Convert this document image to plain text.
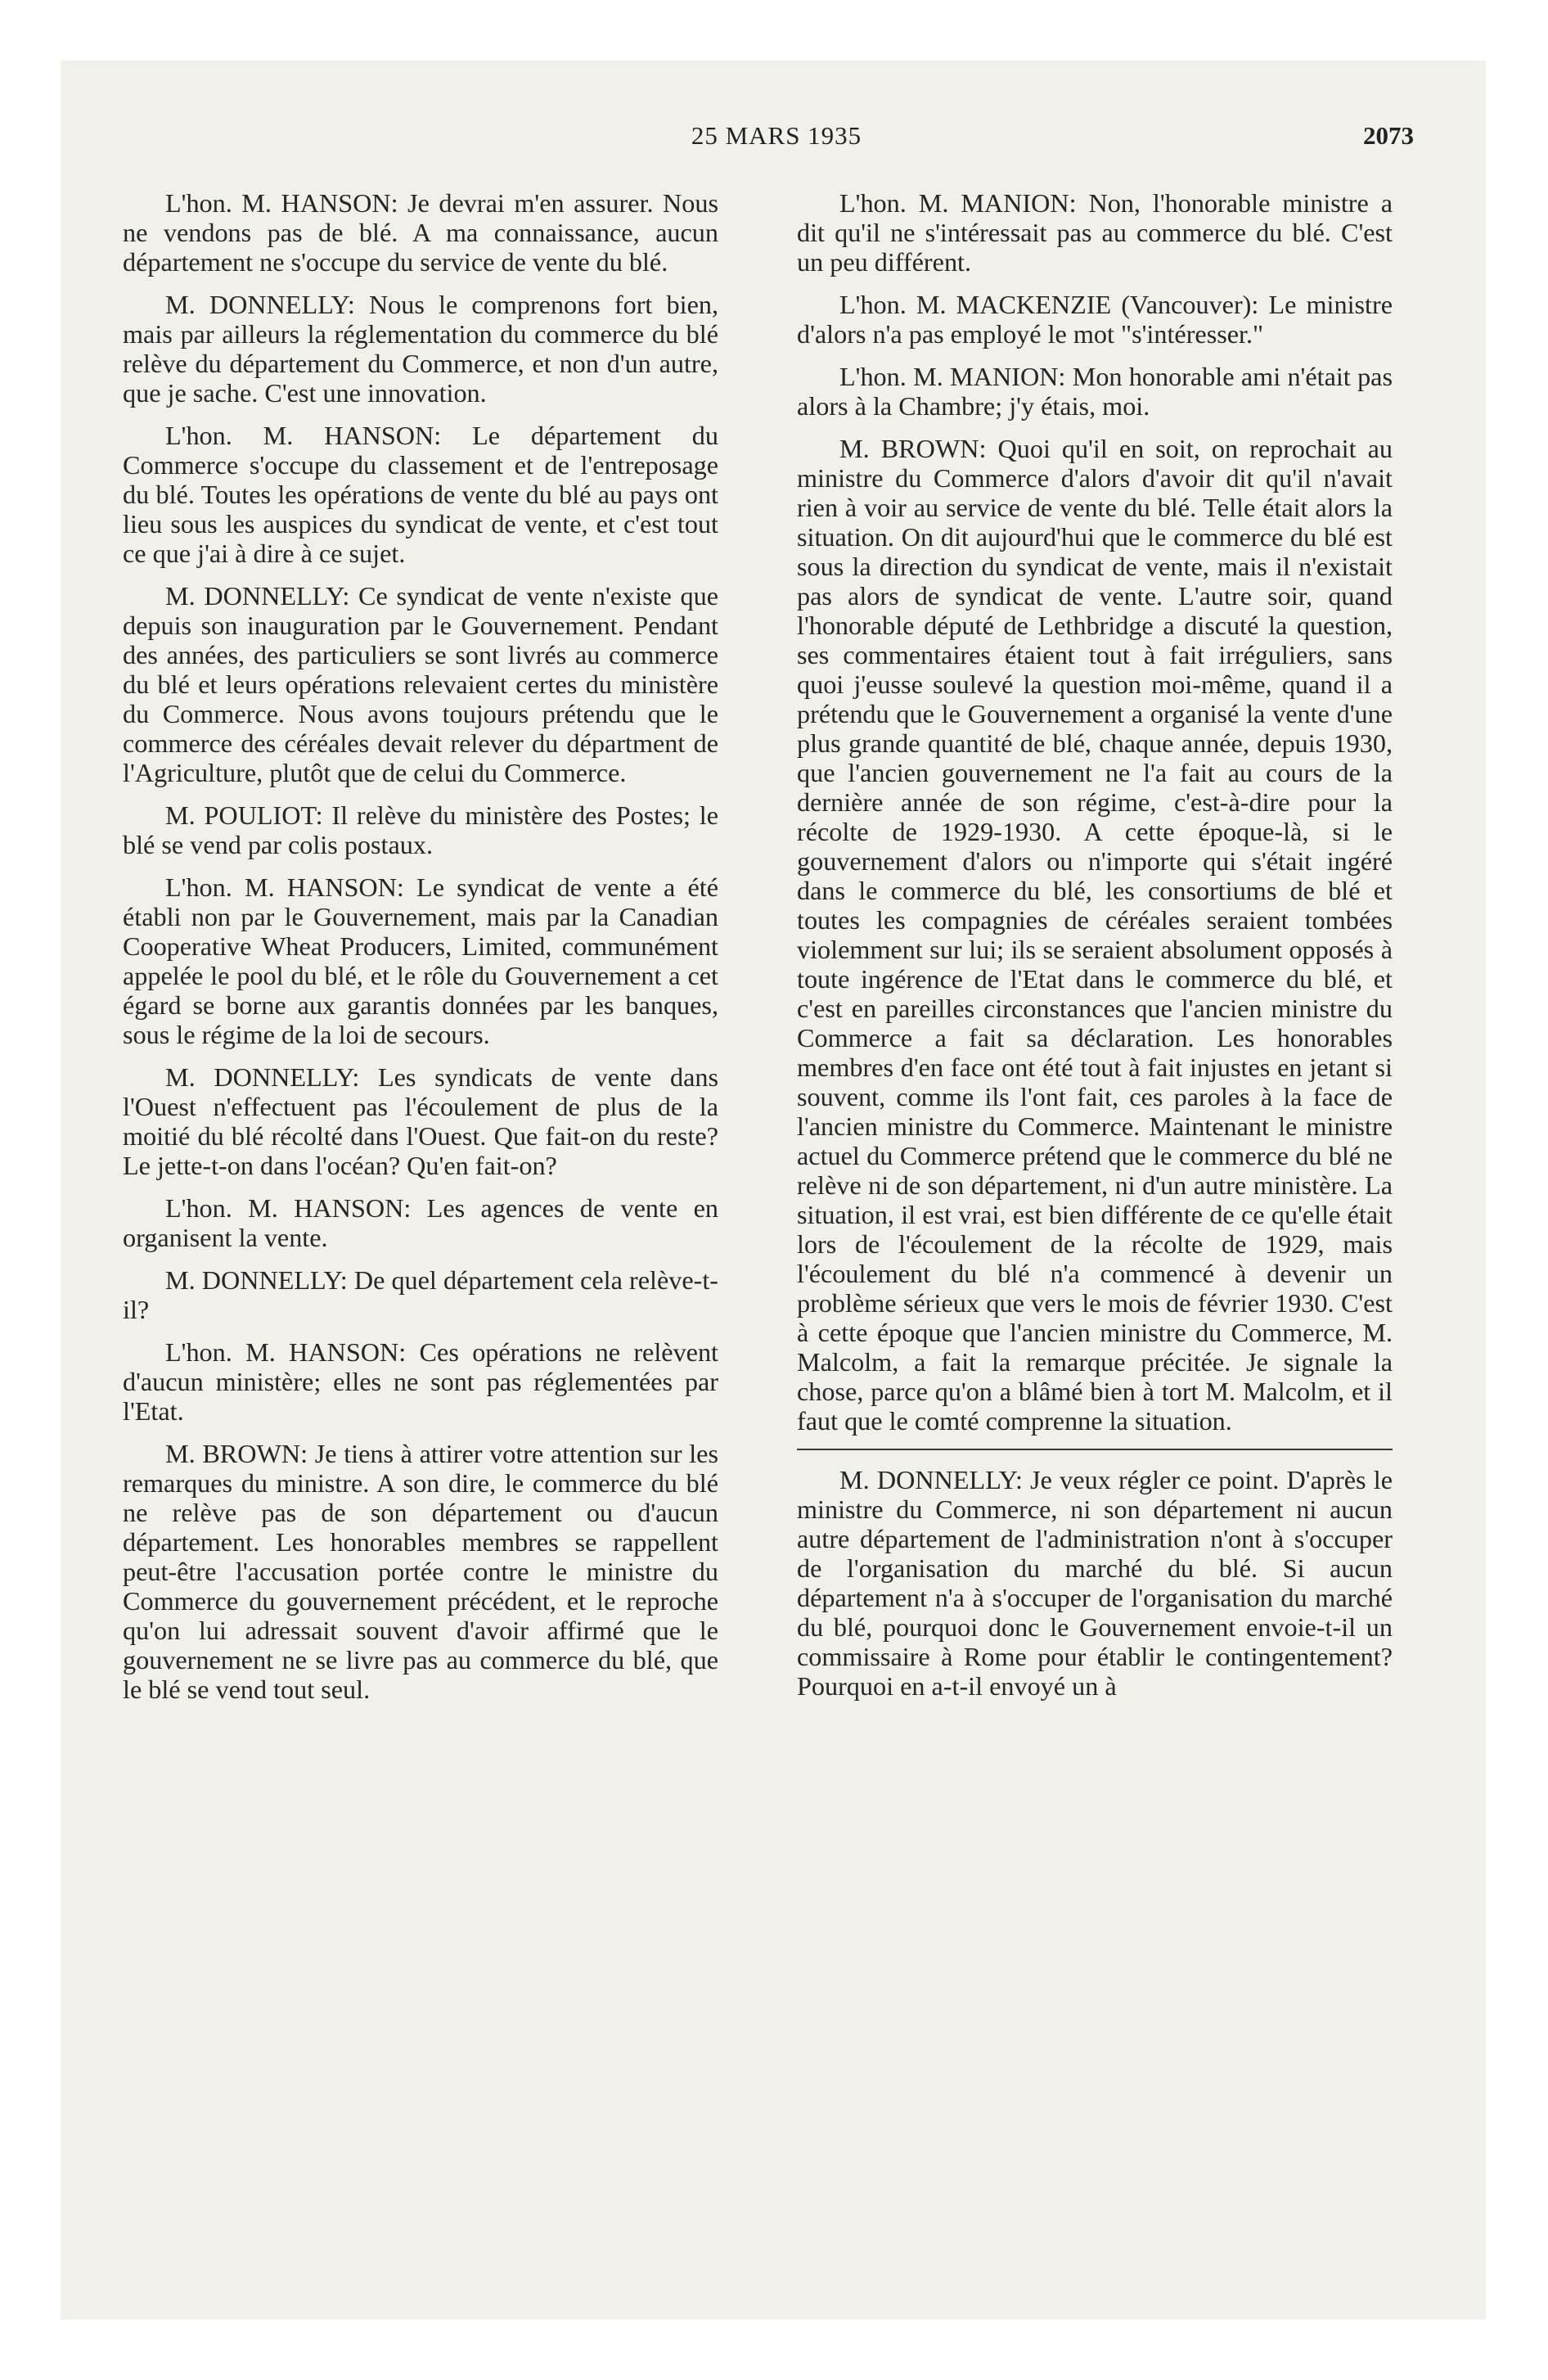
25 MARS 1935	2073

L'hon. M. HANSON: Je devrai m'en assurer. Nous ne vendons pas de blé. A ma connaissance, aucun département ne s'occupe du service de vente du blé.

M. DONNELLY: Nous le comprenons fort bien, mais par ailleurs la réglementation du commerce du blé relève du département du Commerce, et non d'un autre, que je sache. C'est une innovation.

L'hon. M. HANSON: Le département du Commerce s'occupe du classement et de l'entreposage du blé. Toutes les opérations de vente du blé au pays ont lieu sous les auspices du syndicat de vente, et c'est tout ce que j'ai à dire à ce sujet.

M. DONNELLY: Ce syndicat de vente n'existe que depuis son inauguration par le Gouvernement. Pendant des années, des particuliers se sont livrés au commerce du blé et leurs opérations relevaient certes du ministère du Commerce. Nous avons toujours prétendu que le commerce des céréales devait relever du départment de l'Agriculture, plutôt que de celui du Commerce.

M. POULIOT: Il relève du ministère des Postes; le blé se vend par colis postaux.

L'hon. M. HANSON: Le syndicat de vente a été établi non par le Gouvernement, mais par la Canadian Cooperative Wheat Producers, Limited, communément appelée le pool du blé, et le rôle du Gouvernement a cet égard se borne aux garantis données par les banques, sous le régime de la loi de secours.

M. DONNELLY: Les syndicats de vente dans l'Ouest n'effectuent pas l'écoulement de plus de la moitié du blé récolté dans l'Ouest. Que fait-on du reste? Le jette-t-on dans l'océan? Qu'en fait-on?

L'hon. M. HANSON: Les agences de vente en organisent la vente.

M. DONNELLY: De quel département cela relève-t-il?

L'hon. M. HANSON: Ces opérations ne relèvent d'aucun ministère; elles ne sont pas réglementées par l'Etat.

M. BROWN: Je tiens à attirer votre attention sur les remarques du ministre. A son dire, le commerce du blé ne relève pas de son département ou d'aucun département. Les honorables membres se rappellent peut-être l'accusation portée contre le ministre du Commerce du gouvernement précédent, et le reproche qu'on lui adressait souvent d'avoir affirmé que le gouvernement ne se livre pas au commerce du blé, que le blé se vend tout seul.

L'hon. M. MANION: Non, l'honorable ministre a dit qu'il ne s'intéressait pas au commerce du blé. C'est un peu différent.

L'hon. M. MACKENZIE (Vancouver): Le ministre d'alors n'a pas employé le mot "s'intéresser."

L'hon. M. MANION: Mon honorable ami n'était pas alors à la Chambre; j'y étais, moi.

M. BROWN: Quoi qu'il en soit, on reprochait au ministre du Commerce d'alors d'avoir dit qu'il n'avait rien à voir au service de vente du blé. Telle était alors la situation. On dit aujourd'hui que le commerce du blé est sous la direction du syndicat de vente, mais il n'existait pas alors de syndicat de vente. L'autre soir, quand l'honorable député de Lethbridge a discuté la question, ses commentaires étaient tout à fait irréguliers, sans quoi j'eusse soulevé la question moi-même, quand il a prétendu que le Gouvernement a organisé la vente d'une plus grande quantité de blé, chaque année, depuis 1930, que l'ancien gouvernement ne l'a fait au cours de la dernière année de son régime, c'est-à-dire pour la récolte de 1929-1930. A cette époque-là, si le gouvernement d'alors ou n'importe qui s'était ingéré dans le commerce du blé, les consortiums de blé et toutes les compagnies de céréales seraient tombées violemment sur lui; ils se seraient absolument opposés à toute ingérence de l'Etat dans le commerce du blé, et c'est en pareilles circonstances que l'ancien ministre du Commerce a fait sa déclaration. Les honorables membres d'en face ont été tout à fait injustes en jetant si souvent, comme ils l'ont fait, ces paroles à la face de l'ancien ministre du Commerce. Maintenant le ministre actuel du Commerce prétend que le commerce du blé ne relève ni de son département, ni d'un autre ministère. La situation, il est vrai, est bien différente de ce qu'elle était lors de l'écoulement de la récolte de 1929, mais l'écoulement du blé n'a commencé à devenir un problème sérieux que vers le mois de février 1930. C'est à cette époque que l'ancien ministre du Commerce, M. Malcolm, a fait la remarque précitée. Je signale la chose, parce qu'on a blâmé bien à tort M. Malcolm, et il faut que le comté comprenne la situation.

M. DONNELLY: Je veux régler ce point. D'après le ministre du Commerce, ni son département ni aucun autre département de l'administration n'ont à s'occuper de l'organisation du marché du blé. Si aucun département n'a à s'occuper de l'organisation du marché du blé, pourquoi donc le Gouvernement envoie-t-il un commissaire à Rome pour établir le contingentement? Pourquoi en a-t-il envoyé un à
